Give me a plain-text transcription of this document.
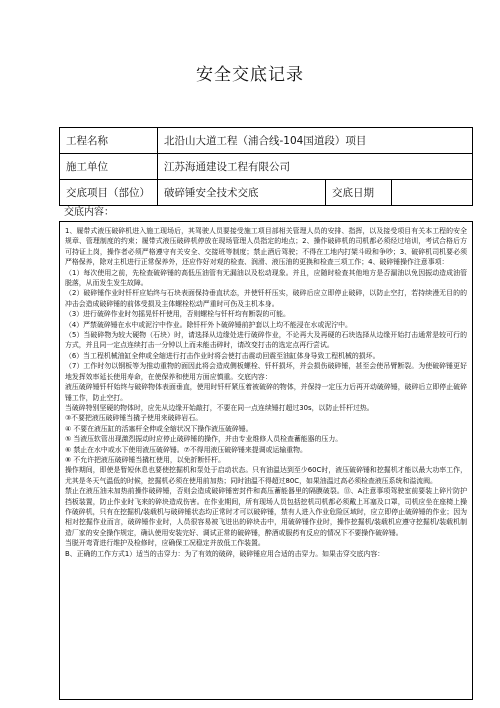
安全交底记录
工程名称	北沿山大道工程（浦合线-104国道段）项目		
施工单位	江苏海通建设工程有限公司		
交底项目（部位）	破碎锤安全技术交底	交底日期	
交底内容：

1、履带式液压破碎机进入施工现场后，其驾驶人员要接受施工项目部相关管理人员的安排、指挥，以及接受项目有关本工程的安全规章、管理制度的约束；履带式液压破碎机停放在现场管理人员指定的地点；2、操作破碎机的司机都必须经过培训，考试合格后方可持证上岗，操作者必须严格遵守有关安全、交接班等制度；禁止酒后驾驶；不得在工地内打架斗殴和争吵；3、破碎机司机要必须严格保养，除对主机进行正常保养外，还应作好对观的检查、润滑、液压油的更换和检查三项工作；4、破碎锤操作注意事项：

（1）每次使用之前，先检查破碎锤的高低压油管有无漏油以及松动现象。并且，应随时检查其他地方是否漏油以免因振动造成油管脱落，从而发生发生故障。

（2）破碎锤作业时钎杆应始终与石块表面保持垂直状态，并使钎杆压实，破碎后应立即停止破碎，以防止空打，若持续漫无目的的冲击会造成破碎锤的前体受损及主体螺栓松动严重时可伤及主机本身。

（3）进行破碎作业时勿摇晃钎杆使用，否则螺栓与钎杆均有断裂的可能。

（4）严禁破碎锤在水中或泥泞中作业。除钎杆外卜破碎锤前护套以上均不能浸在水或泥泞中。

（5）当破碎物为较大硬物（石块）时，请选择从边缘处进行破碎作业，不论再大及再硬的石块选择从边缘开始打击通常是较可行的方式，并且同一定点连续打击一分钟以上而未能击碎时，请改变打击的选定点再行尝试。

（6）当工程机械油缸全伸或全缩进行打击作业时将会使打击震动回震至油缸体身导致工程机械的损坏。

（7）工作时勿以钢板等为推动重物的面因此将会造成侧板螺栓、钎杆损坏，并会损伤破碎锤，甚至会使吊臂断裂。为使破碎锤更好地发挥效率延长使用寿命，在使保养和使用方面应慎重。交底内容：

液压破碎锤钎杆始终与破碎物体表面垂直，使用时钎杆紧压着被破碎的物体，并保持一定压力后再开动破碎锤，破碎后立即停止破碎锤工作，防止空打。

当破碎特别坚硬的物体时，应先从边缘开始敲打，不要在同一点连续锤打超过30s，以防止钎杆过热。

③不要把液压破碎锤当撬子使用来破碎岩石。

④ 不要在液压缸的活塞杆全伸或全缩状况下操作液压破碎锤。

⑤ 当液压软管出现激烈振动时应停止破碎锤的操作，并由专业维修人员检查蓄能器的压力。

⑥ 禁止在水中或水下使用液压破碎锤。⑦不得用液压破碎锤来提调或运输重物。

⑧ 不允许把液压破碎锤当撬杠使用，以免折断钎杆。

操作期间，即使是暂短休息也要使挖掘机和泵处于启动状态。只有油温达到至少60C时，液压破碎锤和挖掘机才能以最大功率工作，尤其是冬天气温低的时候，挖掘机必须在使用前加热；同时油温不得超过80C，如果油温过高必须检查液压系统和溢流阀。

禁止在液压油未加热前操作破碎锤，否则会造成破碎锤密封件和高压蓄能器里的隔膜破裂。⑬、A注意事项驾驶室前要装上碎片防护挡板装置，防止作业时飞来的碎块造成伤害。在作业期间，所有现场人员包括挖机司机都必须戴上耳塞及口罩，司机应坐在座椅上操作破碎机，只有在挖掘机/装载机与破碎锤状态均正常时才可以破碎锤，禁有人进入作业危险区域时，应立即停止破碎锤的作业；因为相对挖掘作业而言，破碎锤作业时，人员很容易被飞迸出的碎块击中，用破碎锤作业时，操作挖掘机/装载机应遵守挖掘机/装载机制造厂家的安全操作规定，确认使用安装完好、调试正常的破碎锤，醉酒或服药有反应的情况下不要操作破碎锤。

当脱开弯背进行维护及检修时，应确保工况稳定并放低工作装置。

B、正确的工作方式1）适当的击穿力：为了有效的破碎，破碎锤应用合适的击穿力。如果击穿交底内容：
